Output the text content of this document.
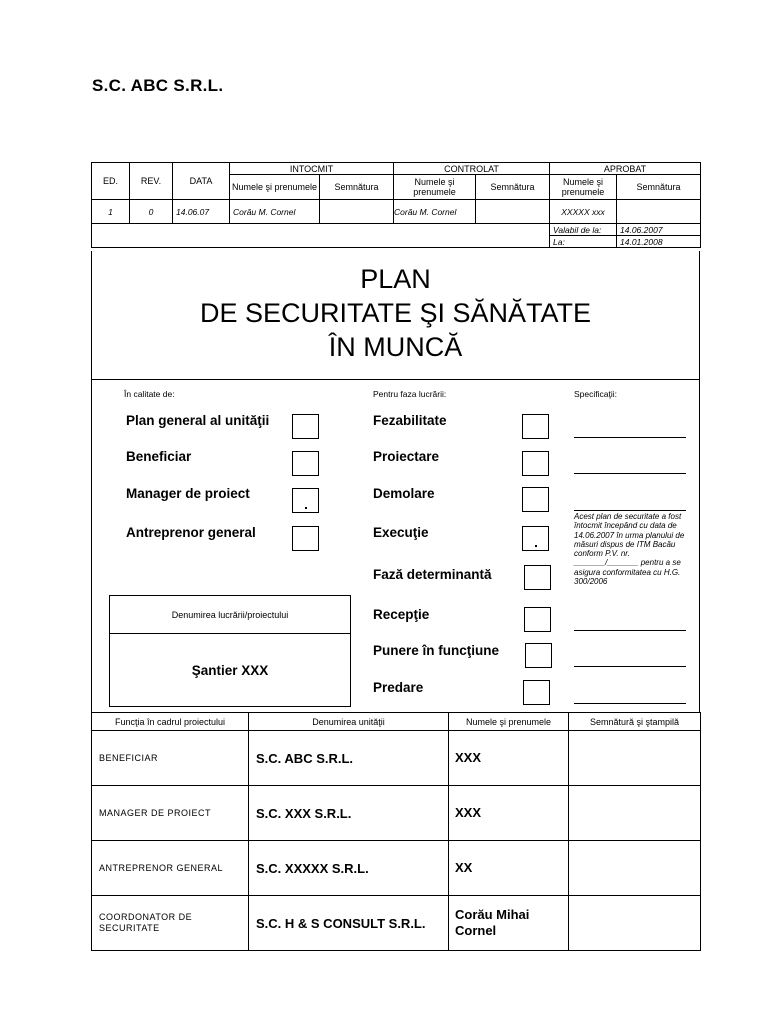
S.C. ABC S.R.L.
ED.	REV.	DATA	INTOCMIT		CONTROLAT		APROBAT	
			Numele şi prenumele	Semnătura	Numele şi prenumele	Semnătura	Numele şi prenumele	Semnătura
1	0	14.06.07	Corău M. Cornel		Corău M. Cornel		XXXXX xxx	
							Valabil de la:	14.06.2007
							La:	14.01.2008
PLAN
DE SECURITATE ŞI SĂNĂTATE
ÎN MUNCĂ
În calitate de:	Pentru faza lucrării:	Specificaţii:
Plan general al unităţii
Beneficiar
Manager de proiect
Antreprenor general
Fezabilitate
Proiectare
Demolare
Execuţie
Fază determinantă
Recepţie
Punere în funcţiune
Predare
Acest plan de securitate a fost întocmit începând cu data de 14.06.2007 în urma planului de măsuri dispus de ITM Bacău conform P.V. nr. _______/_______ pentru a se asigura conformitatea cu H.G. 300/2006
Denumirea lucrării/proiectului
Şantier XXX
Funcţia în cadrul proiectului	Denumirea unităţii	Numele şi prenumele	Semnătură şi ştampilă
BENEFICIAR	S.C. ABC S.R.L.	XXX	
MANAGER DE PROIECT	S.C. XXX S.R.L.	XXX	
ANTREPRENOR GENERAL	S.C. XXXXX S.R.L.	XX	
COORDONATOR DE SECURITATE	S.C. H & S CONSULT S.R.L.	Corău Mihai Cornel	
